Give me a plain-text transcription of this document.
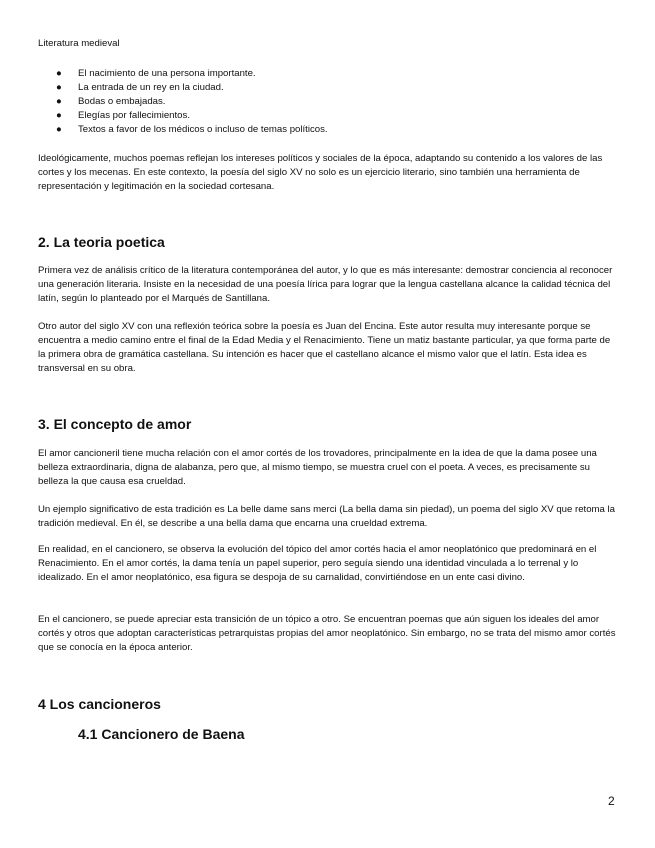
Literatura medieval
● El nacimiento de una persona importante.
● La entrada de un rey en la ciudad.
● Bodas o embajadas.
● Elegías por fallecimientos.
● Textos a favor de los médicos o incluso de temas políticos.

Ideológicamente, muchos poemas reflejan los intereses políticos y sociales de la época, adaptando su contenido a los valores de las cortes y los mecenas. En este contexto, la poesía del siglo XV no solo es un ejercicio literario, sino también una herramienta de representación y legitimación en la sociedad cortesana.

2. La teoria poetica

Primera vez de análisis crítico de la literatura contemporánea del autor, y lo que es más interesante: demostrar conciencia al reconocer una generación literaria. Insiste en la necesidad de una poesía lírica para lograr que la lengua castellana alcance la calidad técnica del latín, según lo planteado por el Marqués de Santillana.

Otro autor del siglo XV con una reflexión teórica sobre la poesía es Juan del Encina. Este autor resulta muy interesante porque se encuentra a medio camino entre el final de la Edad Media y el Renacimiento. Tiene un matiz bastante particular, ya que forma parte de la primera obra de gramática castellana. Su intención es hacer que el castellano alcance el mismo valor que el latín. Esta idea es transversal en su obra.

3. El concepto de amor

El amor cancioneril tiene mucha relación con el amor cortés de los trovadores, principalmente en la idea de que la dama posee una belleza extraordinaria, digna de alabanza, pero que, al mismo tiempo, se muestra cruel con el poeta. A veces, es precisamente su belleza la que causa esa crueldad.

Un ejemplo significativo de esta tradición es La belle dame sans merci (La bella dama sin piedad), un poema del siglo XV que retoma la tradición medieval. En él, se describe a una bella dama que encarna una crueldad extrema.

En realidad, en el cancionero, se observa la evolución del tópico del amor cortés hacia el amor neoplatónico que predominará en el Renacimiento. En el amor cortés, la dama tenía un papel superior, pero seguía siendo una identidad vinculada a lo terrenal y lo idealizado. En el amor neoplatónico, esa figura se despoja de su carnalidad, convirtiéndose en un ente casi divino.

En el cancionero, se puede apreciar esta transición de un tópico a otro. Se encuentran poemas que aún siguen los ideales del amor cortés y otros que adoptan características petrarquistas propias del amor neoplatónico. Sin embargo, no se trata del mismo amor cortés que se conocía en la época anterior.

4 Los cancioneros
4.1 Cancionero de Baena
2
